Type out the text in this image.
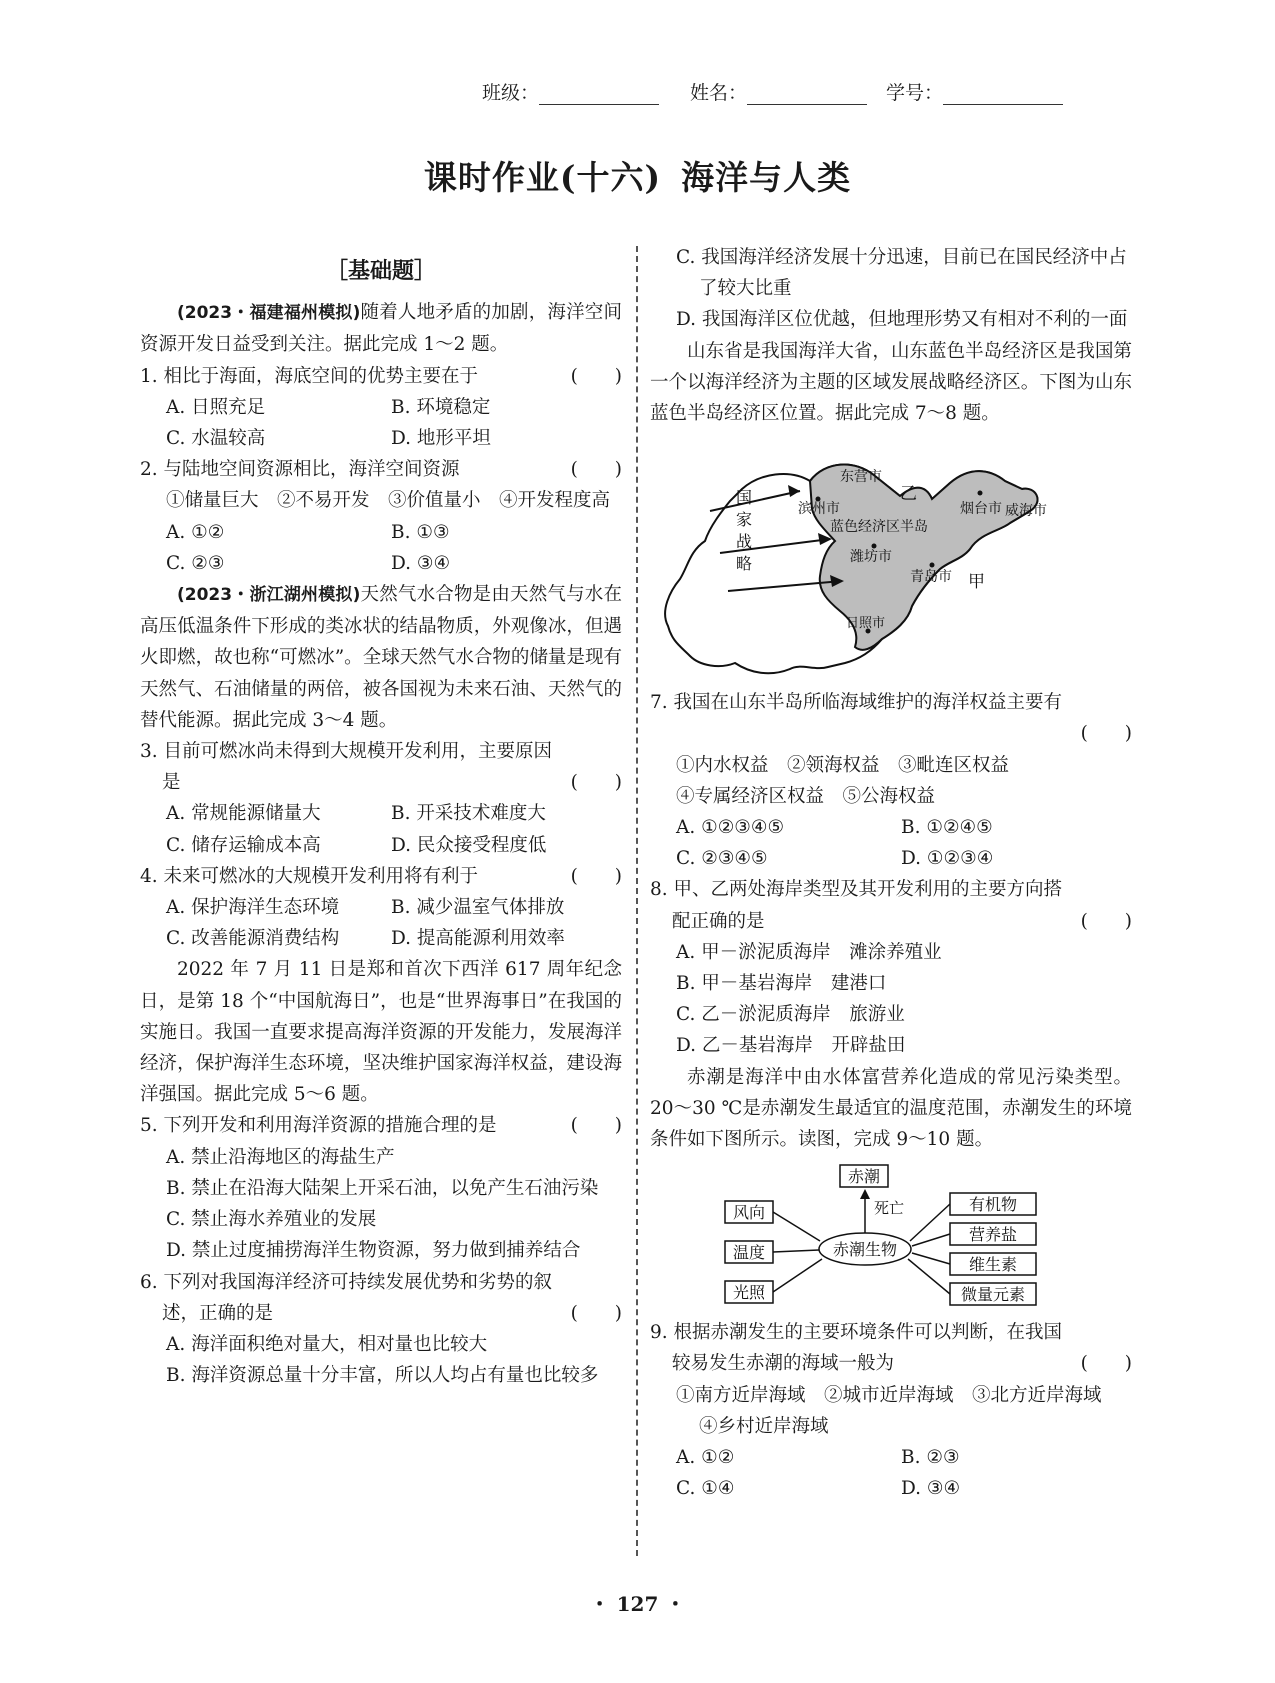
班级：	姓名：	学号：
课时作业(十六) 海洋与人类
［基础题］

(2023・福建福州模拟)随着人地矛盾的加剧，海洋空间资源开发日益受到关注。据此完成 1～2 题。

1. 相比于海面，海底空间的优势主要在于	(　　)

A. 日照充足	B. 环境稳定
C. 水温较高	D. 地形平坦

2. 与陆地空间资源相比，海洋空间资源	(　　)

①储量巨大　②不易开发　③价值量小　④开发程度高

A. ①②	B. ①③
C. ②③	D. ③④

(2023・浙江湖州模拟)天然气水合物是由天然气与水在高压低温条件下形成的类冰状的结晶物质，外观像冰，但遇火即燃，故也称“可燃冰”。全球天然气水合物的储量是现有天然气、石油储量的两倍，被各国视为未来石油、天然气的替代能源。据此完成 3～4 题。

3. 目前可燃冰尚未得到大规模开发利用，主要原因是	(　　)

A. 常规能源储量大	B. 开采技术难度大
C. 储存运输成本高	D. 民众接受程度低

4. 未来可燃冰的大规模开发利用将有利于	(　　)

A. 保护海洋生态环境	B. 减少温室气体排放
C. 改善能源消费结构	D. 提高能源利用效率

2022 年 7 月 11 日是郑和首次下西洋 617 周年纪念日，是第 18 个“中国航海日”，也是“世界海事日”在我国的实施日。我国一直要求提高海洋资源的开发能力，发展海洋经济，保护海洋生态环境，坚决维护国家海洋权益，建设海洋强国。据此完成 5～6 题。

5. 下列开发和利用海洋资源的措施合理的是	(　　)

A. 禁止沿海地区的海盐生产

B. 禁止在沿海大陆架上开采石油，以免产生石油污染

C. 禁止海水养殖业的发展

D. 禁止过度捕捞海洋生物资源，努力做到捕养结合

6. 下列对我国海洋经济可持续发展优势和劣势的叙述，正确的是	(　　)

A. 海洋面积绝对量大，相对量也比较大

B. 海洋资源总量十分丰富，所以人均占有量也比较多

C. 我国海洋经济发展十分迅速，目前已在国民经济中占了较大比重

D. 我国海洋区位优越，但地理形势又有相对不利的一面

山东省是我国海洋大省，山东蓝色半岛经济区是我国第一个以海洋经济为主题的区域发展战略经济区。下图为山东蓝色半岛经济区位置。据此完成 7～8 题。

东营市
滨州市
乙
烟台市 威海市
蓝色经济区半岛
潍坊市
青岛市 甲
日照市
国
家
战
略

7. 我国在山东半岛所临海域维护的海洋权益主要有

(　　)

①内水权益　②领海权益　③毗连区权益

④专属经济区权益　⑤公海权益

A. ①②③④⑤	B. ①②④⑤
C. ②③④⑤	D. ①②③④

8. 甲、乙两处海岸类型及其开发利用的主要方向搭配正确的是	(　　)

A. 甲－淤泥质海岸　滩涂养殖业

B. 甲－基岩海岸　建港口

C. 乙－淤泥质海岸　旅游业

D. 乙－基岩海岸　开辟盐田

赤潮是海洋中由水体富营养化造成的常见污染类型。20～30 ℃是赤潮发生最适宜的温度范围，赤潮发生的环境条件如下图所示。读图，完成 9～10 题。

赤潮
赤潮生物
死亡
风向
温度
光照
有机物
营养盐
维生素
微量元素

9. 根据赤潮发生的主要环境条件可以判断，在我国较易发生赤潮的海域一般为	(　　)

①南方近岸海域　②城市近岸海域　③北方近岸海域　④乡村近岸海域

A. ①②	B. ②③
C. ①④	D. ③④
・ 127 ・
